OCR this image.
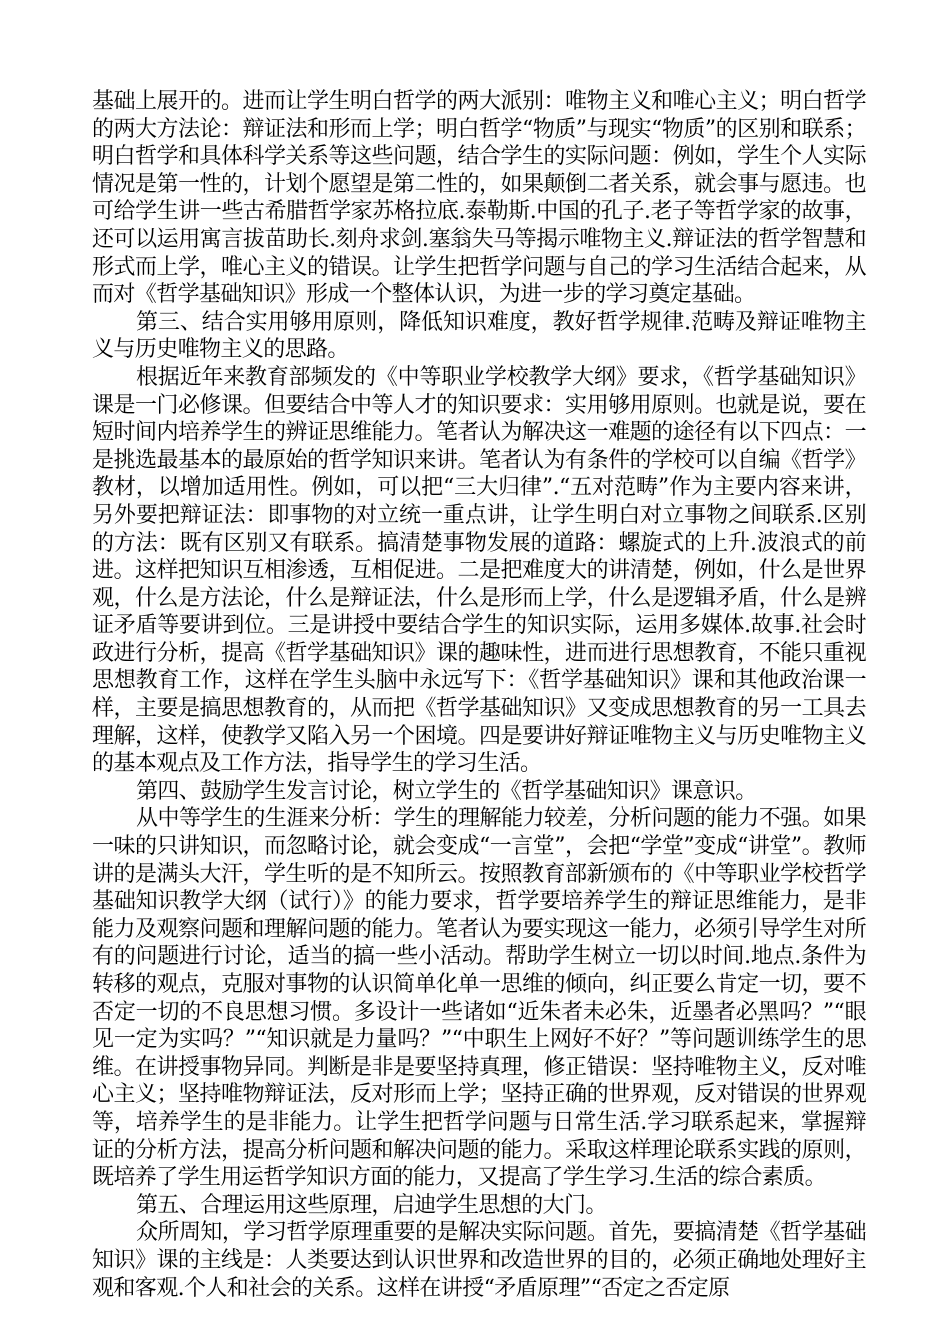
基础上展开的。进而让学生明白哲学的两大派别：唯物主义和唯心主义；明白哲学的两大方法论：辩证法和形而上学；明白哲学“物质”与现实“物质”的区别和联系；明白哲学和具体科学关系等这些问题，结合学生的实际问题：例如，学生个人实际情况是第一性的，计划个愿望是第二性的，如果颠倒二者关系，就会事与愿违。也可给学生讲一些古希腊哲学家苏格拉底.泰勒斯.中国的孔子.老子等哲学家的故事，还可以运用寓言拔苗助长.刻舟求剑.塞翁失马等揭示唯物主义.辩证法的哲学智慧和形式而上学，唯心主义的错误。让学生把哲学问题与自己的学习生活结合起来，从而对《哲学基础知识》形成一个整体认识，为进一步的学习奠定基础。

第三、结合实用够用原则，降低知识难度，教好哲学规律.范畴及辩证唯物主义与历史唯物主义的思路。

根据近年来教育部频发的《中等职业学校教学大纲》要求，《哲学基础知识》课是一门必修课。但要结合中等人才的知识要求：实用够用原则。也就是说，要在短时间内培养学生的辨证思维能力。笔者认为解决这一难题的途径有以下四点：一是挑选最基本的最原始的哲学知识来讲。笔者认为有条件的学校可以自编《哲学》教材，以增加适用性。例如，可以把“三大归律”.“五对范畴”作为主要内容来讲，另外要把辩证法：即事物的对立统一重点讲，让学生明白对立事物之间联系.区别的方法：既有区别又有联系。搞清楚事物发展的道路：螺旋式的上升.波浪式的前进。这样把知识互相渗透，互相促进。二是把难度大的讲清楚，例如，什么是世界观，什么是方法论，什么是辩证法，什么是形而上学，什么是逻辑矛盾，什么是辨证矛盾等要讲到位。三是讲授中要结合学生的知识实际，运用多媒体.故事.社会时政进行分析，提高《哲学基础知识》课的趣味性，进而进行思想教育，不能只重视思想教育工作，这样在学生头脑中永远写下：《哲学基础知识》课和其他政治课一样，主要是搞思想教育的，从而把《哲学基础知识》又变成思想教育的另一工具去理解，这样，使教学又陷入另一个困境。四是要讲好辩证唯物主义与历史唯物主义的基本观点及工作方法，指导学生的学习生活。

第四、鼓励学生发言讨论，树立学生的《哲学基础知识》课意识。

从中等学生的生涯来分析：学生的理解能力较差，分析问题的能力不强。如果一味的只讲知识，而忽略讨论，就会变成“一言堂”，会把“学堂”变成“讲堂”。教师讲的是满头大汗，学生听的是不知所云。按照教育部新颁布的《中等职业学校哲学基础知识教学大纲（试行）》的能力要求，哲学要培养学生的辩证思维能力，是非能力及观察问题和理解问题的能力。笔者认为要实现这一能力，必须引导学生对所有的问题进行讨论，适当的搞一些小活动。帮助学生树立一切以时间.地点.条件为转移的观点，克服对事物的认识简单化单一思维的倾向，纠正要么肯定一切，要不否定一切的不良思想习惯。多设计一些诸如“近朱者未必朱，近墨者必黑吗？”“眼见一定为实吗？”“知识就是力量吗？”“中职生上网好不好？”等问题训练学生的思维。在讲授事物异同。判断是非是要坚持真理，修正错误：坚持唯物主义，反对唯心主义；坚持唯物辩证法，反对形而上学；坚持正确的世界观，反对错误的世界观等，培养学生的是非能力。让学生把哲学问题与日常生活.学习联系起来，掌握辩证的分析方法，提高分析问题和解决问题的能力。采取这样理论联系实践的原则，既培养了学生用运哲学知识方面的能力，又提高了学生学习.生活的综合素质。

第五、合理运用这些原理，启迪学生思想的大门。

众所周知，学习哲学原理重要的是解决实际问题。首先，要搞清楚《哲学基础知识》课的主线是：人类要达到认识世界和改造世界的目的，必须正确地处理好主观和客观.个人和社会的关系。这样在讲授“矛盾原理”“否定之否定原
